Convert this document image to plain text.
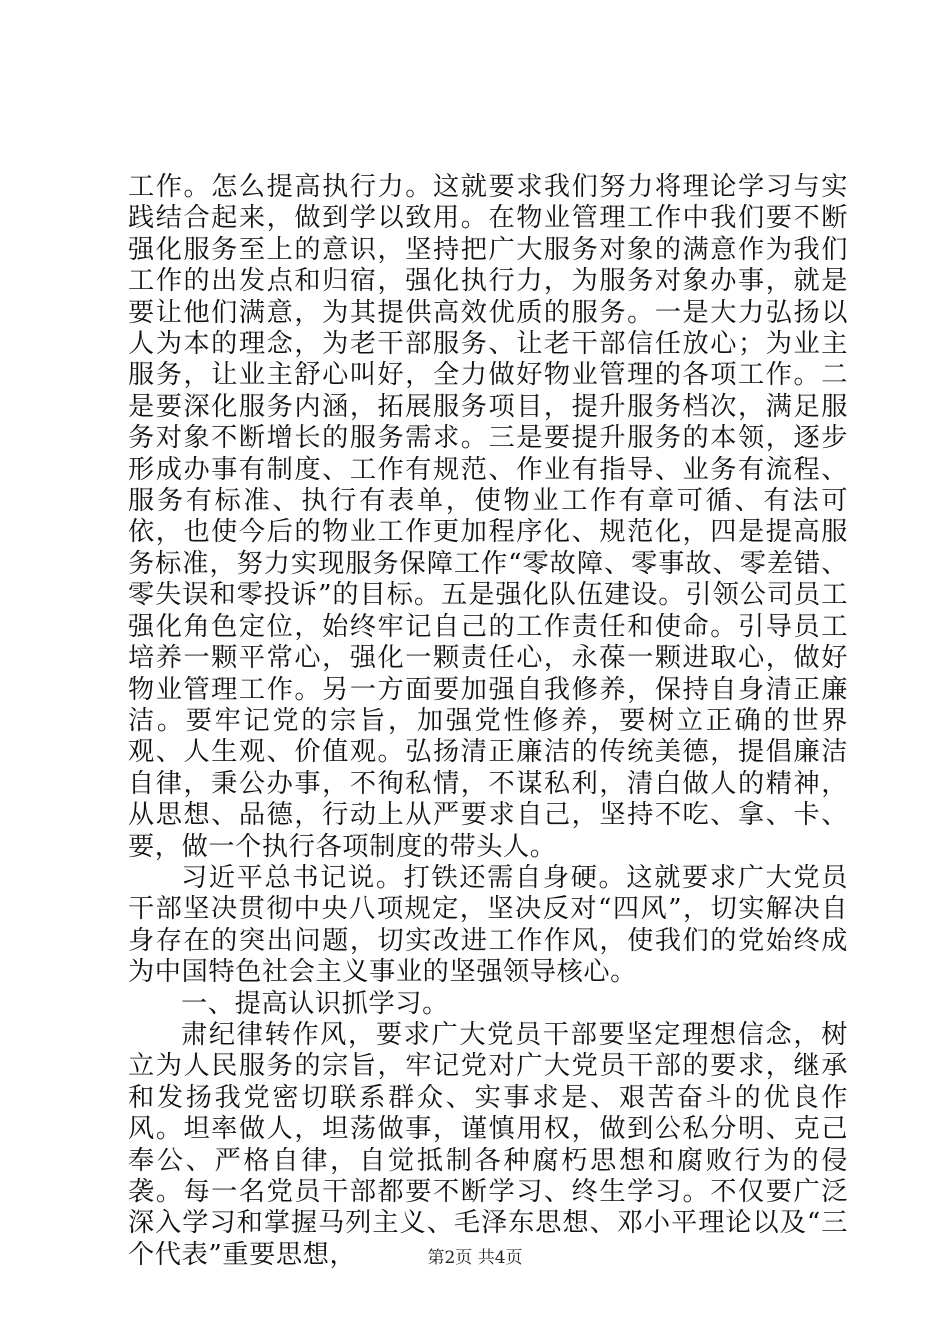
工作。怎么提高执行力。这就要求我们努力将理论学习与实践结合起来，做到学以致用。在物业管理工作中我们要不断强化服务至上的意识，坚持把广大服务对象的满意作为我们工作的出发点和归宿，强化执行力，为服务对象办事，就是要让他们满意，为其提供高效优质的服务。一是大力弘扬以人为本的理念，为老干部服务、让老干部信任放心；为业主服务，让业主舒心叫好，全力做好物业管理的各项工作。二是要深化服务内涵，拓展服务项目，提升服务档次，满足服务对象不断增长的服务需求。三是要提升服务的本领，逐步形成办事有制度、工作有规范、作业有指导、业务有流程、服务有标准、执行有表单，使物业工作有章可循、有法可依，也使今后的物业工作更加程序化、规范化，四是提高服务标准，努力实现服务保障工作“零故障、零事故、零差错、零失误和零投诉”的目标。五是强化队伍建设。引领公司员工强化角色定位，始终牢记自己的工作责任和使命。引导员工培养一颗平常心，强化一颗责任心，永葆一颗进取心，做好物业管理工作。另一方面要加强自我修养，保持自身清正廉洁。要牢记党的宗旨，加强党性修养，要树立正确的世界观、人生观、价值观。弘扬清正廉洁的传统美德，提倡廉洁自律，秉公办事，不徇私情，不谋私利，清白做人的精神，从思想、品德，行动上从严要求自己，坚持不吃、拿、卡、要，做一个执行各项制度的带头人。

习近平总书记说。打铁还需自身硬。这就要求广大党员干部坚决贯彻中央八项规定，坚决反对“四风”，切实解决自身存在的突出问题，切实改进工作作风，使我们的党始终成为中国特色社会主义事业的坚强领导核心。

一、提高认识抓学习。

肃纪律转作风，要求广大党员干部要坚定理想信念，树立为人民服务的宗旨，牢记党对广大党员干部的要求，继承和发扬我党密切联系群众、实事求是、艰苦奋斗的优良作风。坦率做人，坦荡做事，谨慎用权，做到公私分明、克己奉公、严格自律，自觉抵制各种腐朽思想和腐败行为的侵袭。每一名党员干部都要不断学习、终生学习。不仅要广泛深入学习和掌握马列主义、毛泽东思想、邓小平理论以及“三个代表”重要思想，	第2页 共4页
